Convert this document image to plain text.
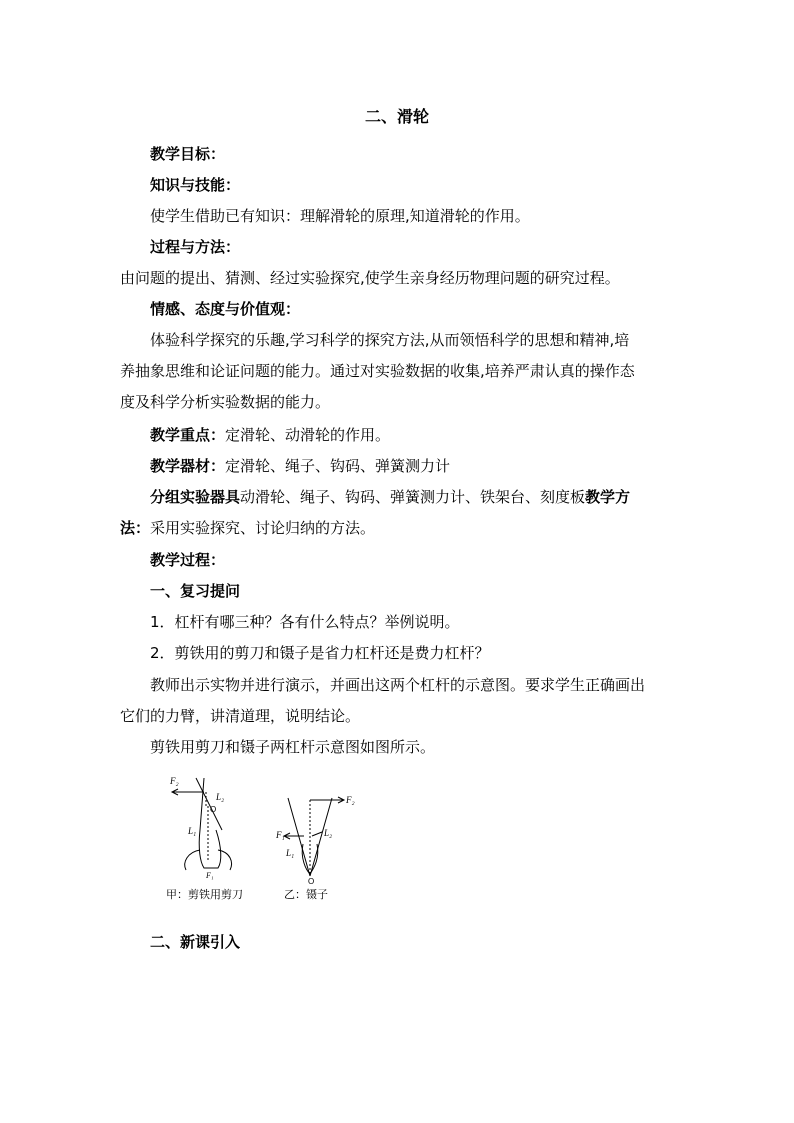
二、滑轮
教学目标：
知识与技能：
使学生借助已有知识：理解滑轮的原理,知道滑轮的作用。
过程与方法：
由问题的提出、猜测、经过实验探究,使学生亲身经历物理问题的研究过程。
情感、态度与价值观：
体验科学探究的乐趣,学习科学的探究方法,从而领悟科学的思想和精神,培
养抽象思维和论证问题的能力。通过对实验数据的收集,培养严肃认真的操作态
度及科学分析实验数据的能力。
教学重点：定滑轮、动滑轮的作用。
教学器材：定滑轮、绳子、钩码、弹簧测力计
分组实验器具动滑轮、绳子、钩码、弹簧测力计、铁架台、刻度板教学方
法：采用实验探究、讨论归纳的方法。
教学过程：
一、复习提问
1．杠杆有哪三种？各有什么特点？举例说明。
2．剪铁用的剪刀和镊子是省力杠杆还是费力杠杆？
教师出示实物并进行演示，并画出这两个杠杆的示意图。要求学生正确画出
它们的力臂，讲清道理，说明结论。
剪铁用剪刀和镊子两杠杆示意图如图所示。
F₂
L₂
O
L₁
F₁
甲：剪铁用剪刀
F₂
F₁	L₂
L₁
O
乙：镊子
二、新课引入
